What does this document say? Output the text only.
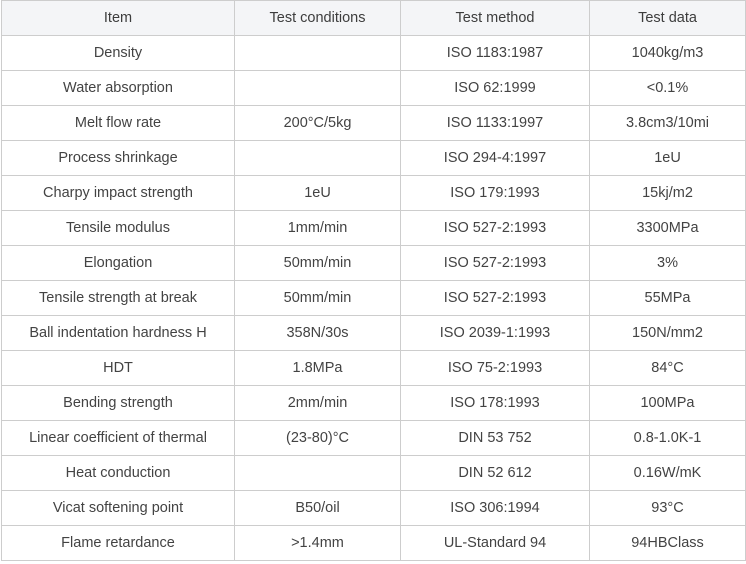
Item	Test conditions	Test method	Test data
Density		ISO 1183:1987	1040kg/m3
Water absorption		ISO 62:1999	<0.1%
Melt flow rate	200°C/5kg	ISO 1133:1997	3.8cm3/10mi
Process shrinkage		ISO 294-4:1997	1eU
Charpy impact strength	1eU	ISO 179:1993	15kj/m2
Tensile modulus	1mm/min	ISO 527-2:1993	3300MPa
Elongation	50mm/min	ISO 527-2:1993	3%
Tensile strength at break	50mm/min	ISO 527-2:1993	55MPa
Ball indentation hardness H	358N/30s	ISO 2039-1:1993	150N/mm2
HDT	1.8MPa	ISO 75-2:1993	84°C
Bending strength	2mm/min	ISO 178:1993	100MPa
Linear coefficient of thermal	(23-80)°C	DIN 53 752	0.8-1.0K-1
Heat conduction		DIN 52 612	0.16W/mK
Vicat softening point	B50/oil	ISO 306:1994	93°C
Flame retardance	>1.4mm	UL-Standard 94	94HBClass
